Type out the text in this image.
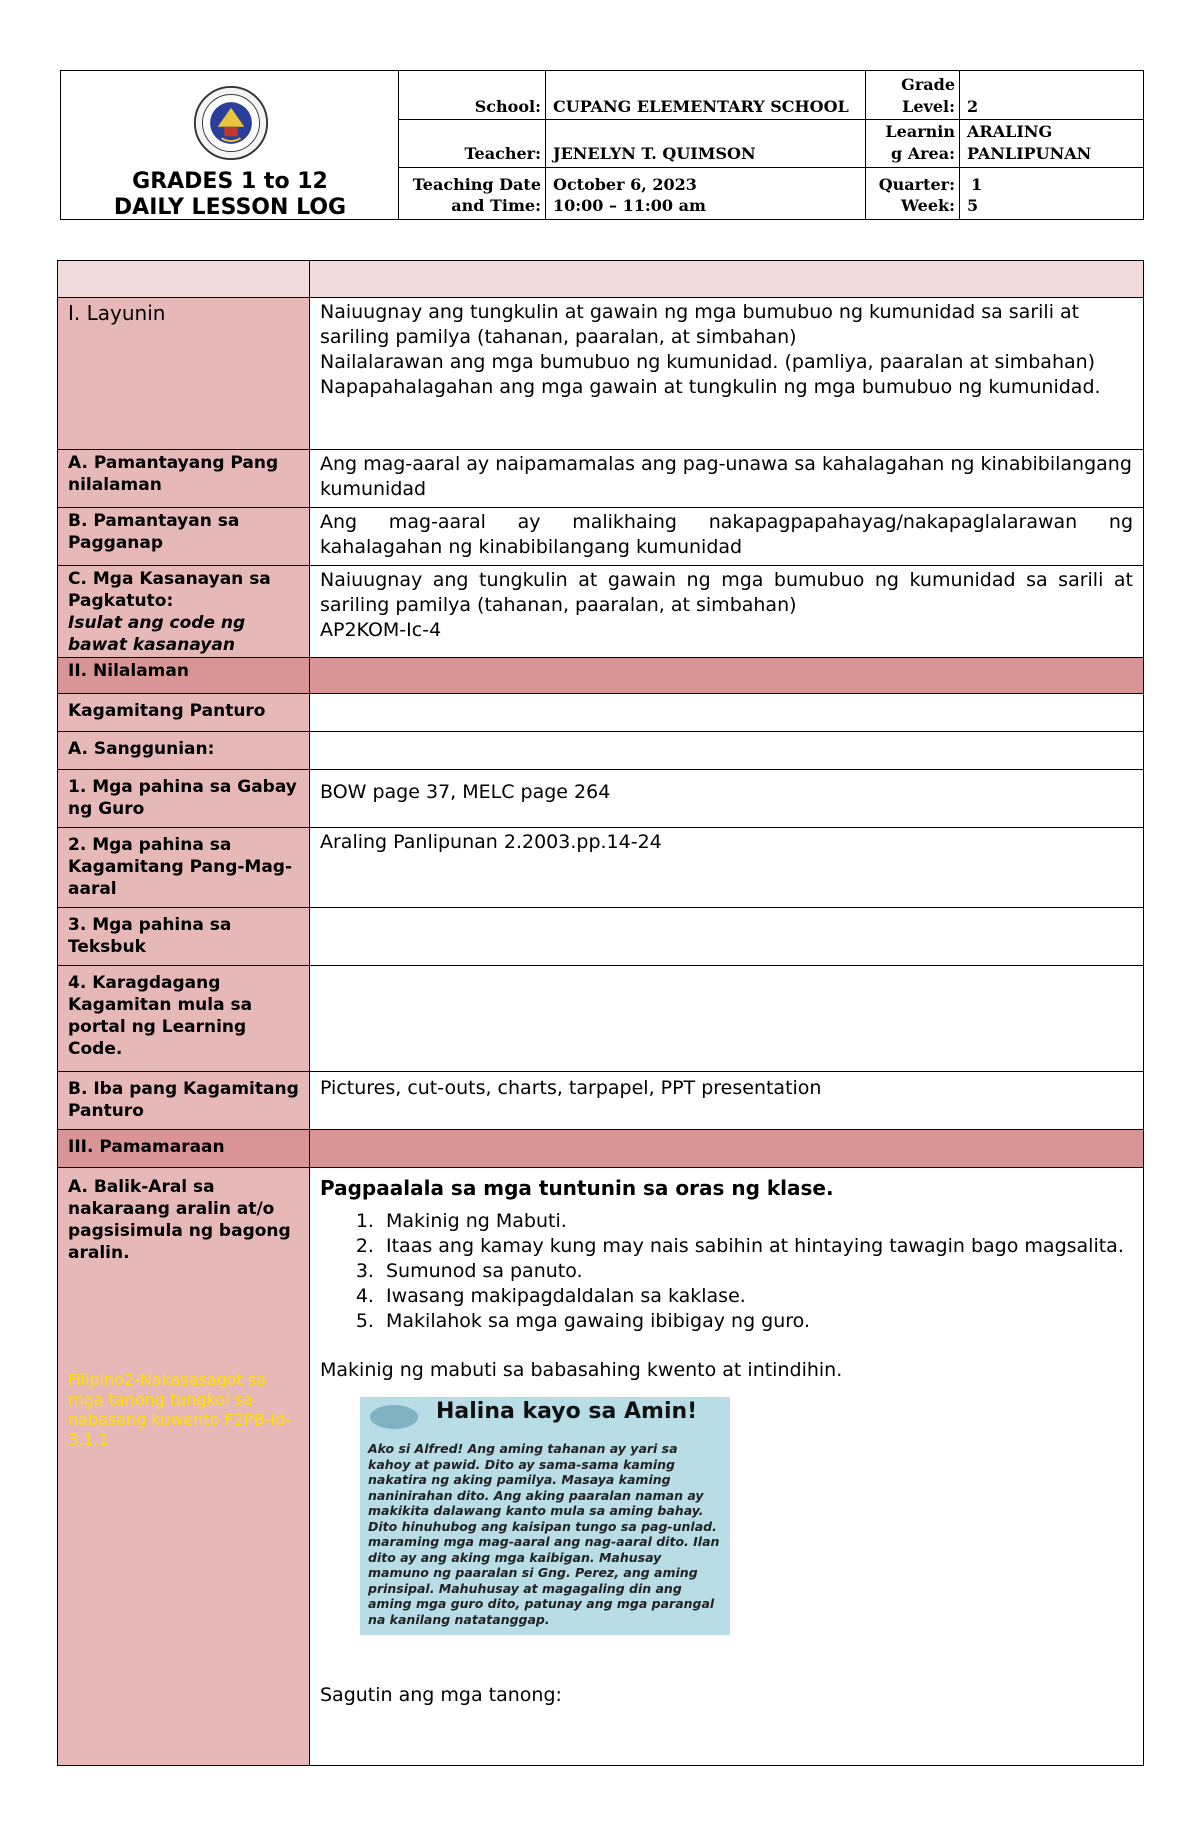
GRADES 1 to 12
DAILY LESSON LOG
School: CUPANG ELEMENTARY SCHOOL
Teacher: JENELYN T. QUIMSON
Teaching Date
and Time:
October 6, 2023
10:00 – 11:00 am
Grade
Level: 2
Learnin
g Area:
ARALING
PANLIPUNAN
Quarter:
Week:
1
5
I. Layunin	Naiuugnay ang tungkulin at gawain ng mga bumubuo ng kumunidad sa sarili at sariling pamilya (tahanan, paaralan, at simbahan)
Nailalarawan ang mga bumubuo ng kumunidad. (pamliya, paaralan at simbahan)
Napapahalagahan ang mga gawain at tungkulin ng mga bumubuo ng kumunidad.
A. Pamantayang Pang nilalaman
Ang mag-aaral ay naipamamalas ang pag-unawa sa kahalagahan ng kinabibilangang kumunidad
B. Pamantayan sa Pagganap
Ang mag-aaral ay malikhaing nakapagpapahayag/nakapaglalarawan ng kahalagahan ng kinabibilangang kumunidad
C. Mga Kasanayan sa Pagkatuto:
Isulat ang code ng bawat kasanayan
Naiuugnay ang tungkulin at gawain ng mga bumubuo ng kumunidad sa sarili at sariling pamilya (tahanan, paaralan, at simbahan)
AP2KOM-Ic-4
II. Nilalaman
Kagamitang Panturo
A. Sanggunian:
1. Mga pahina sa Gabay ng Guro
BOW page 37, MELC page 264
2. Mga pahina sa Kagamitang Pang-Mag-aaral
Araling Panlipunan 2.2003.pp.14-24
3. Mga pahina sa Teksbuk
4. Karagdagang Kagamitan mula sa portal ng Learning Code.
B. Iba pang Kagamitang Panturo
Pictures, cut-outs, charts, tarpapel, PPT presentation
III. Pamamaraan
A. Balik-Aral sa nakaraang aralin at/o pagsisimula ng bagong aralin.
Filipino2-Nakasasagot sa mga tanong tungkol sa nabasang kuwento F2PB-Id-3.1.1
Pagpaalala sa mga tuntunin sa oras ng klase.
1. Makinig ng Mabuti.
2. Itaas ang kamay kung may nais sabihin at hintaying tawagin bago magsalita.
3. Sumunod sa panuto.
4. Iwasang makipagdaldalan sa kaklase.
5. Makilahok sa mga gawaing ibibigay ng guro.
Makinig ng mabuti sa babasahing kwento at intindihin.
Halina kayo sa Amin!
Ako si Alfred! Ang aming tahanan ay yari sa kahoy at pawid. Dito ay sama-sama kaming nakatira ng aking pamilya. Masaya kaming naninirahan dito. Ang aking paaralan naman ay makikita dalawang kanto mula sa aming bahay. Dito hinuhubog ang kaisipan tungo sa pag-unlad. maraming mga mag-aaral ang nag-aaral dito. Ilan dito ay ang aking mga kaibigan. Mahusay mamuno ng paaralan si Gng. Perez, ang aming prinsipal. Mahuhusay at magagaling din ang aming mga guro dito, patunay ang mga parangal na kanilang natatanggap.
Sagutin ang mga tanong:
